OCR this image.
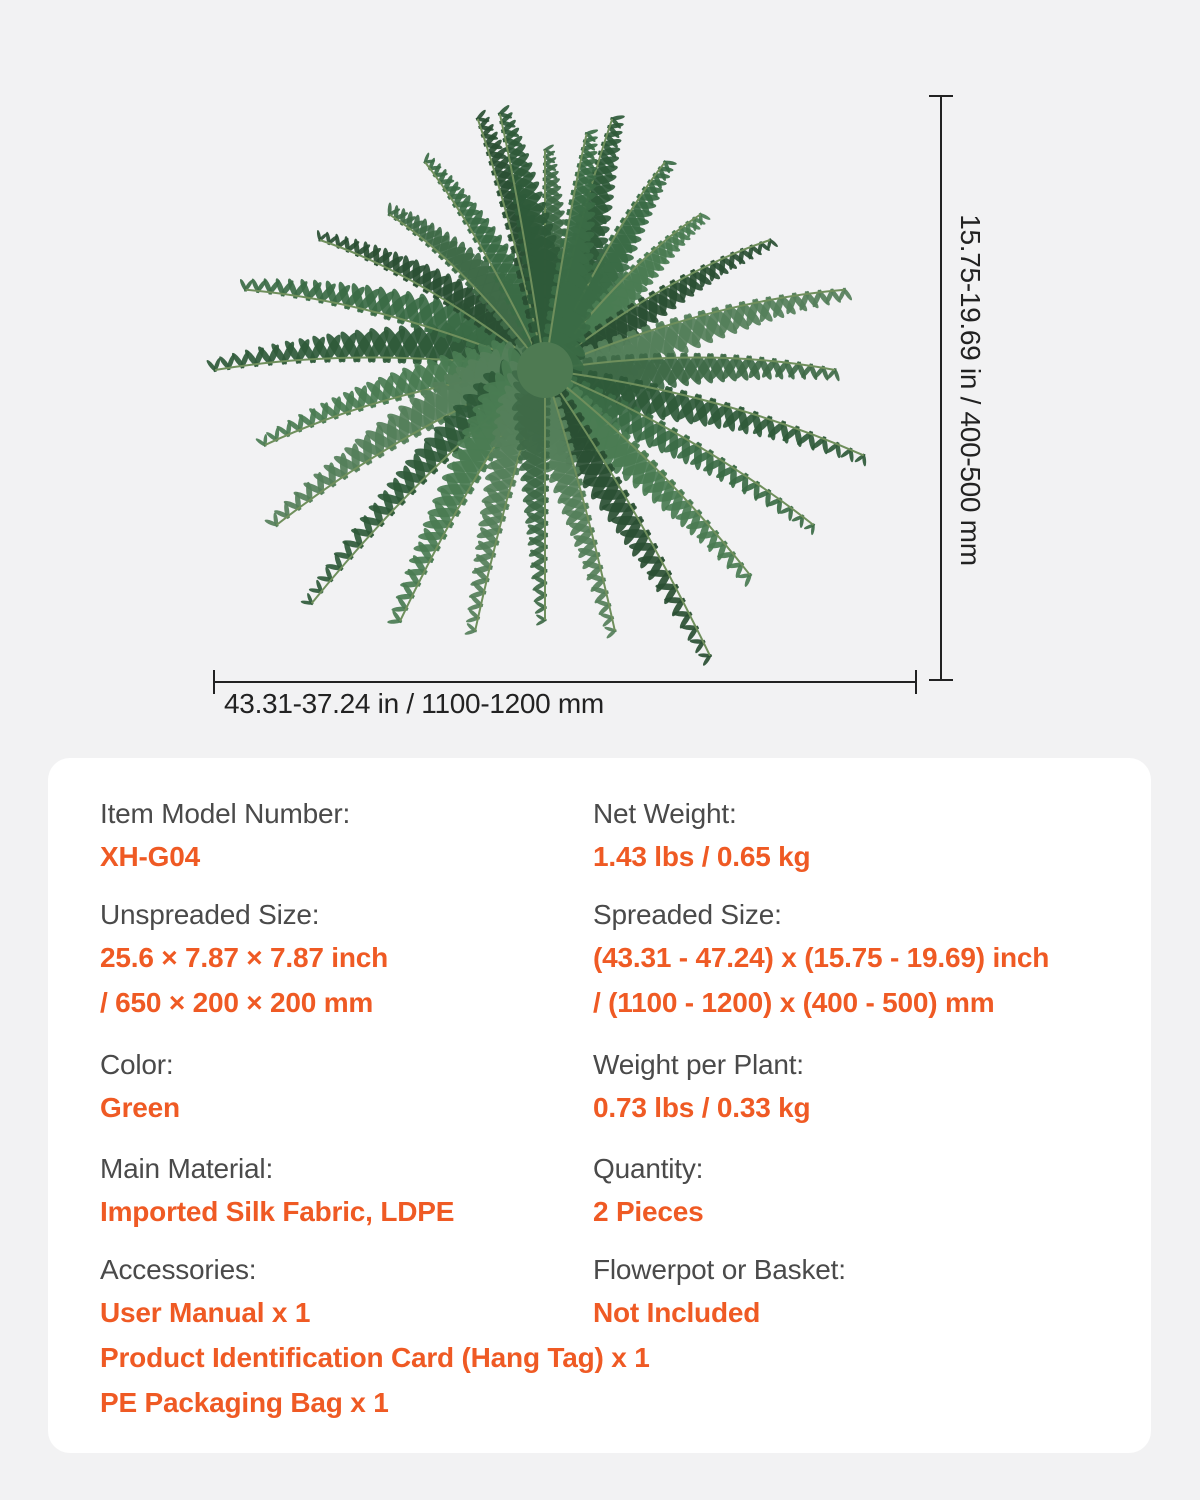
43.31-37.24 in / 1100-1200 mm
15.75-19.69 in / 400-500 mm
Item Model Number:
XH-G04
Net Weight:
1.43 lbs / 0.65 kg
Unspreaded Size:
25.6 × 7.87 × 7.87 inch
/ 650 × 200 × 200 mm
Spreaded Size:
(43.31 - 47.24) x (15.75 - 19.69) inch
/ (1100 - 1200) x (400 - 500) mm
Color:
Green
Weight per Plant:
0.73 lbs / 0.33 kg
Main Material:
Imported Silk Fabric, LDPE
Quantity:
2 Pieces
Accessories:
User Manual x 1
Product Identification Card (Hang Tag) x 1
PE Packaging Bag x 1
Flowerpot or Basket:
Not Included
